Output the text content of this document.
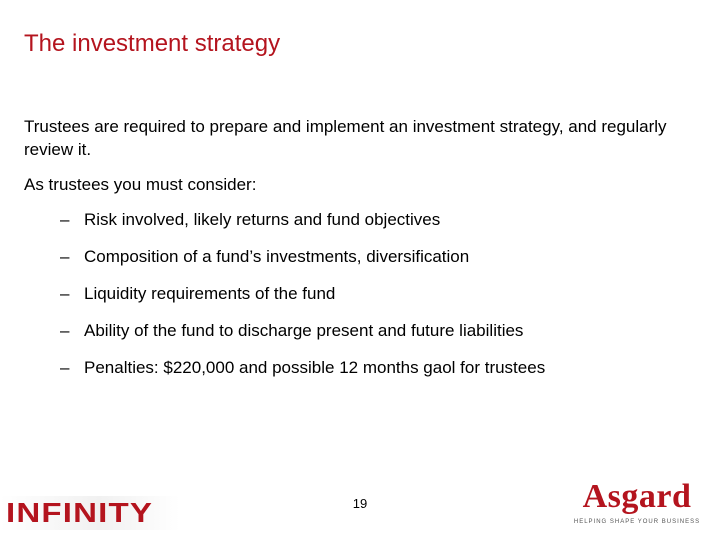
The investment strategy

Trustees are required to prepare and implement an investment strategy, and regularly review it.

As trustees you must consider:

– Risk involved, likely returns and fund objectives
– Composition of a fund’s investments, diversification
– Liquidity requirements of the fund
– Ability of the fund to discharge present and future liabilities
– Penalties: $220,000 and possible 12 months gaol for trustees
INFINITY	19	Asgard
HELPING SHAPE YOUR BUSINESS
